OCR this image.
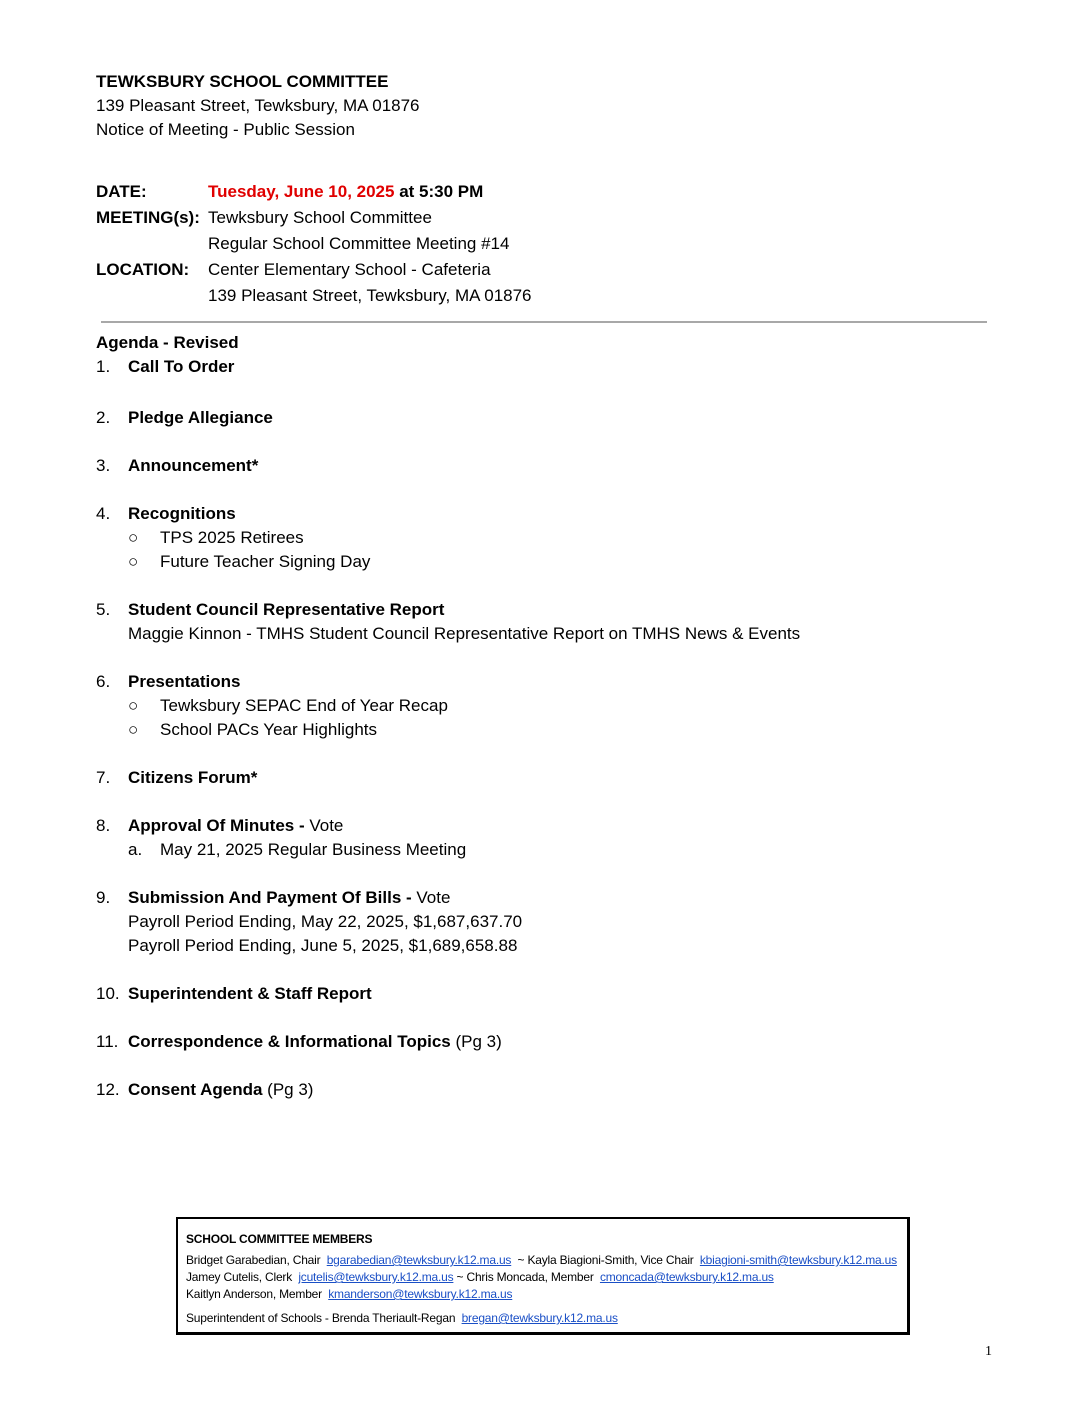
TEWKSBURY SCHOOL COMMITTEE
139 Pleasant Street, Tewksbury, MA 01876
Notice of Meeting - Public Session
DATE:	Tuesday, June 10, 2025 at 5:30 PM
MEETING(s): Tewksbury School Committee
Regular School Committee Meeting #14
LOCATION:	Center Elementary School - Cafeteria
139 Pleasant Street, Tewksbury, MA 01876
Agenda - Revised
1.	Call To Order
2.	Pledge Allegiance
3.	Announcement*
4.	Recognitions
○	TPS 2025 Retirees
○	Future Teacher Signing Day
5.	Student Council Representative Report
Maggie Kinnon - TMHS Student Council Representative Report on TMHS News & Events
6.	Presentations
○	Tewksbury SEPAC End of Year Recap
○	School PACs Year Highlights
7.	Citizens Forum*
8.	Approval Of Minutes - Vote
a.	May 21, 2025 Regular Business Meeting
9.	Submission And Payment Of Bills - Vote
Payroll Period Ending, May 22, 2025, $1,687,637.70
Payroll Period Ending, June 5, 2025, $1,689,658.88
10. Superintendent & Staff Report
11. Correspondence & Informational Topics (Pg 3)
12. Consent Agenda (Pg 3)
SCHOOL COMMITTEE MEMBERS
Bridget Garabedian, Chair bgarabedian@tewksbury.k12.ma.us ~ Kayla Biagioni-Smith, Vice Chair kbiagioni-smith@tewksbury.k12.ma.us
Jamey Cutelis, Clerk jcutelis@tewksbury.k12.ma.us ~ Chris Moncada, Member cmoncada@tewksbury.k12.ma.us
Kaitlyn Anderson, Member kmanderson@tewksbury.k12.ma.us
Superintendent of Schools - Brenda Theriault-Regan bregan@tewksbury.k12.ma.us
1
